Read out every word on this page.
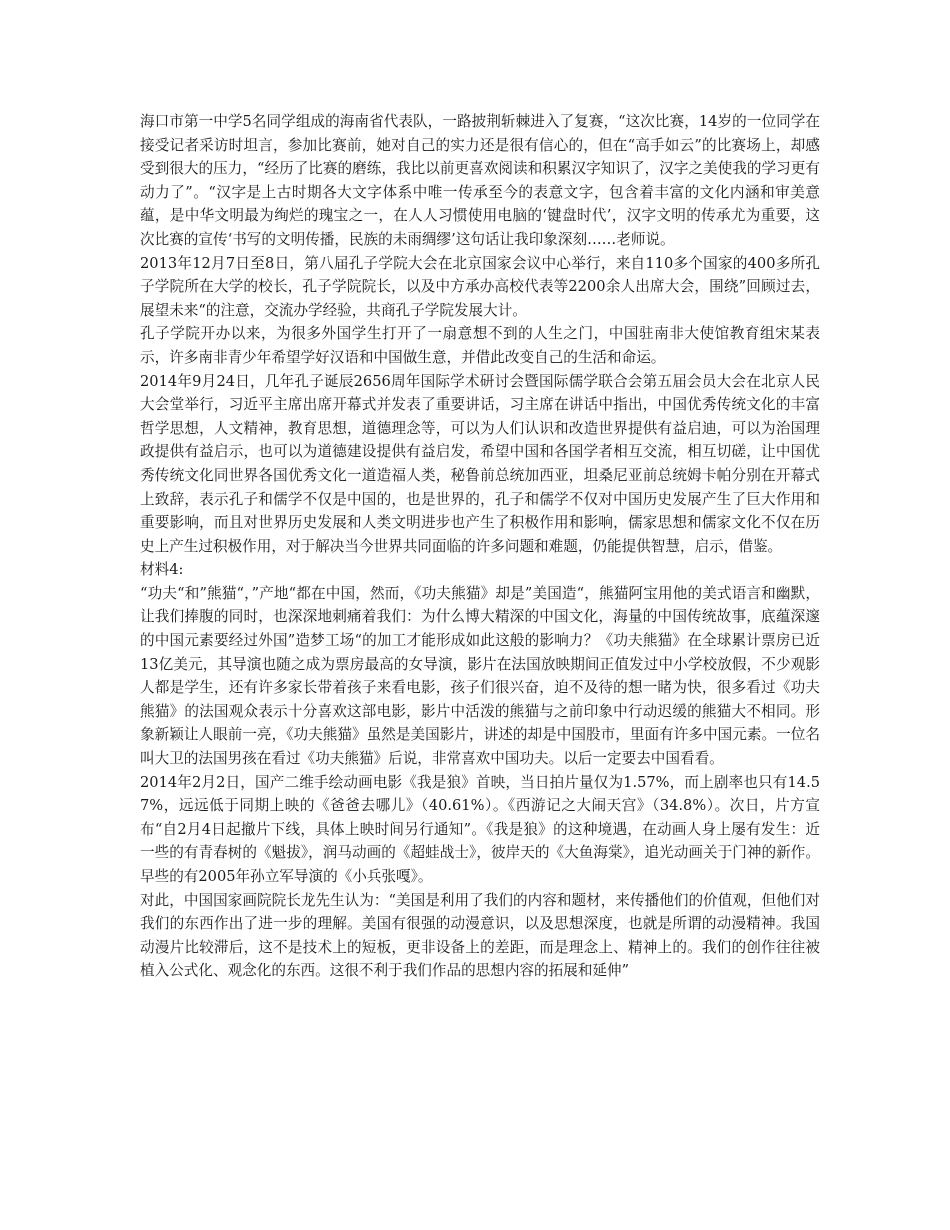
海口市第一中学5名同学组成的海南省代表队，一路披荆斩棘进入了复赛，“这次比赛，14岁的一位同学在接受记者采访时坦言，参加比赛前，她对自己的实力还是很有信心的，但在“高手如云”的比赛场上，却感受到很大的压力，“经历了比赛的磨练，我比以前更喜欢阅读和积累汉字知识了，汉字之美使我的学习更有动力了”。“汉字是上古时期各大文字体系中唯一传承至今的表意文字，包含着丰富的文化内涵和审美意蕴，是中华文明最为绚烂的瑰宝之一，在人人习惯使用电脑的‘键盘时代’，汉字文明的传承尤为重要，这次比赛的宣传‘书写的文明传播，民族的未雨绸缪’这句话让我印象深刻……老师说。

2013年12月7日至8日，第八届孔子学院大会在北京国家会议中心举行，来自110多个国家的400多所孔子学院所在大学的校长，孔子学院院长，以及中方承办高校代表等2200余人出席大会，围绕”回顾过去，展望未来“的注意，交流办学经验，共商孔子学院发展大计。

孔子学院开办以来，为很多外国学生打开了一扇意想不到的人生之门，中国驻南非大使馆教育组宋某表示，许多南非青少年希望学好汉语和中国做生意，并借此改变自己的生活和命运。

2014年9月24日，几年孔子诞辰2656周年国际学术研讨会暨国际儒学联合会第五届会员大会在北京人民大会堂举行，习近平主席出席开幕式并发表了重要讲话，习主席在讲话中指出，中国优秀传统文化的丰富哲学思想，人文精神，教育思想，道德理念等，可以为人们认识和改造世界提供有益启迪，可以为治国理政提供有益启示，也可以为道德建设提供有益启发，希望中国和各国学者相互交流，相互切磋，让中国优秀传统文化同世界各国优秀文化一道造福人类，秘鲁前总统加西亚，坦桑尼亚前总统姆卡帕分别在开幕式上致辞，表示孔子和儒学不仅是中国的，也是世界的，孔子和儒学不仅对中国历史发展产生了巨大作用和重要影响，而且对世界历史发展和人类文明进步也产生了积极作用和影响，儒家思想和儒家文化不仅在历史上产生过积极作用，对于解决当今世界共同面临的许多问题和难题，仍能提供智慧，启示，借鉴。

材料4:

“功夫“和”熊猫“，”产地“都在中国，然而，《功夫熊猫》却是”美国造“，熊猫阿宝用他的美式语言和幽默，让我们捧腹的同时，也深深地刺痛着我们：为什么博大精深的中国文化，海量的中国传统故事，底蕴深邃的中国元素要经过外国”造梦工场“的加工才能形成如此这般的影响力？《功夫熊猫》在全球累计票房已近13亿美元，其导演也随之成为票房最高的女导演，影片在法国放映期间正值发过中小学校放假，不少观影人都是学生，还有许多家长带着孩子来看电影，孩子们很兴奋，迫不及待的想一睹为快，很多看过《功夫熊猫》的法国观众表示十分喜欢这部电影，影片中活泼的熊猫与之前印象中行动迟缓的熊猫大不相同。形象新颖让人眼前一亮，《功夫熊猫》虽然是美国影片，讲述的却是中国股市，里面有许多中国元素。一位名叫大卫的法国男孩在看过《功夫熊猫》后说，非常喜欢中国功夫。以后一定要去中国看看。

2014年2月2日，国产二维手绘动画电影《我是狼》首映，当日拍片量仅为1.57%，而上剧率也只有14.57%，远远低于同期上映的《爸爸去哪儿》（40.61%）。《西游记之大闹天宫》（34.8%）。次日，片方宣布“自2月4日起撤片下线，具体上映时间另行通知”。《我是狼》的这种境遇，在动画人身上屡有发生：近一些的有青春树的《魁拔》，润马动画的《超蛙战士》，彼岸天的《大鱼海棠》，追光动画关于门神的新作。早些的有2005年孙立军导演的《小兵张嘎》。

对此，中国国家画院院长龙先生认为：“美国是利用了我们的内容和题材，来传播他们的价值观，但他们对我们的东西作出了进一步的理解。美国有很强的动漫意识，以及思想深度，也就是所谓的动漫精神。我国动漫片比较滞后，这不是技术上的短板，更非设备上的差距，而是理念上、精神上的。我们的创作往往被植入公式化、观念化的东西。这很不利于我们作品的思想内容的拓展和延伸”
